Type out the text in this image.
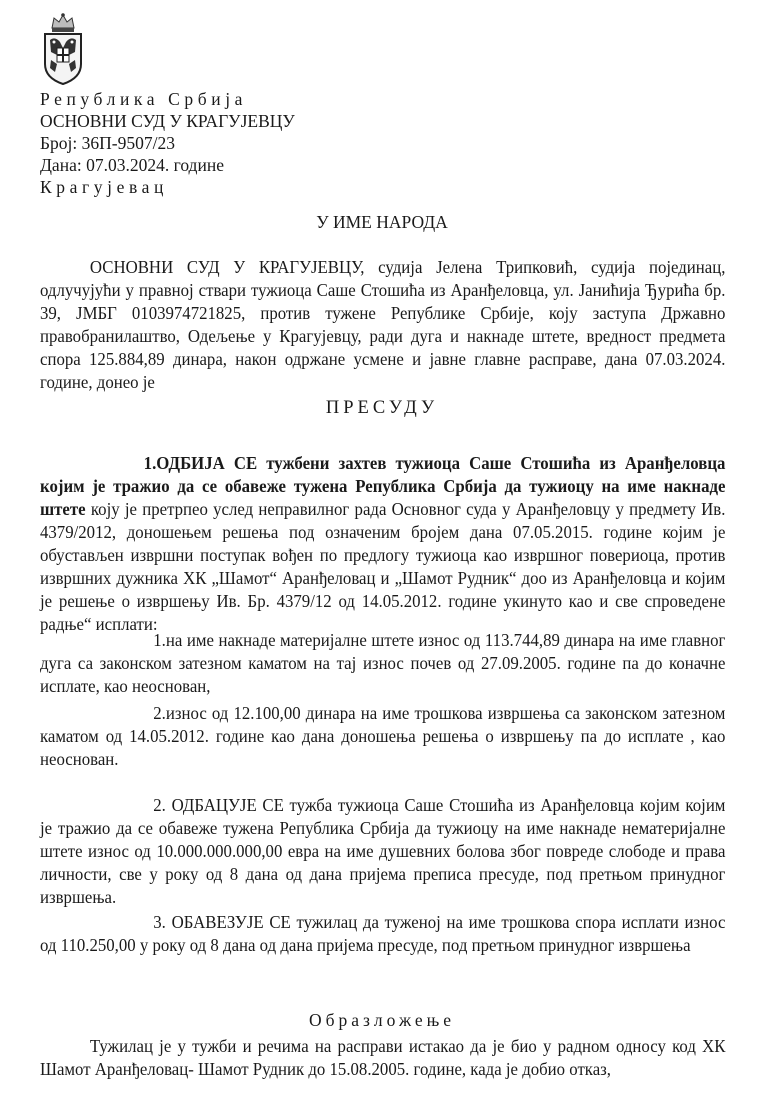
Република Србија
ОСНОВНИ СУД У КРАГУЈЕВЦУ
Број: 36П-9507/23
Дана: 07.03.2024. године
Крагујевац
У ИМЕ НАРОДА
ОСНОВНИ СУД У КРАГУЈЕВЦУ, судија Јелена Трипковић, судија појединац, одлучујући у правној ствари тужиоца Саше Стошића из Аранђеловца, ул. Јанићија Ђурића бр. 39, ЈМБГ 0103974721825, против тужене Републике Србије, коју заступа Државно правобранилаштво, Одељење у Крагујевцу, ради дуга и накнаде штете, вредност предмета спора 125.884,89 динара, након одржане усмене и јавне главне расправе, дана 07.03.2024. године, донео је
ПРЕСУДУ
1.ОДБИЈА СЕ тужбени захтев тужиоца Саше Стошића из Аранђеловца којим је тражио да се обавеже тужена Република Србија да тужиоцу на име накнаде штете коју је претрпео услед неправилног рада Основног суда у Аранђеловцу у предмету Ив. 4379/2012, доношењем решења под означеним бројем дана 07.05.2015. године којим је обустављен извршни поступак вођен по предлогу тужиоца као извршног повериоца, против извршних дужника ХК „Шамот“ Аранђеловац и „Шамот Рудник“ доо из Аранђеловца и којим је решење о извршењу Ив. Бр. 4379/12 од 14.05.2012. године укинуто као и све спроведене радње“ исплати:
1.на име накнаде материјалне штете износ од 113.744,89 динара на име главног дуга са законском затезном каматом на тај износ почев од 27.09.2005. године па до коначне исплате, као неоснован,
2.износ од 12.100,00 динара на име трошкова извршења са законском затезном каматом од 14.05.2012. године као дана доношења решења о извршењу па до исплате , као неоснован.
2. ОДБАЦУЈЕ СЕ тужба тужиоца Саше Стошића из Аранђеловца којим којим је тражио да се обавеже тужена Република Србија да тужиоцу на име накнаде нематеријалне штете износ од 10.000.000.000,00 евра на име душевних болова због повреде слободе и права личности, све у року од 8 дана од дана пријема преписа пресуде, под претњом принудног извршења.
3. ОБАВЕЗУЈЕ СЕ тужилац да туженој на име трошкова спора исплати износ од 110.250,00 у року од 8 дана од дана пријема пресуде, под претњом принудног извршења
Образложење
Тужилац је у тужби и речима на расправи истакао да је био у радном односу код ХК Шамот Аранђеловац- Шамот Рудник до 15.08.2005. године, када је добио отказ,
